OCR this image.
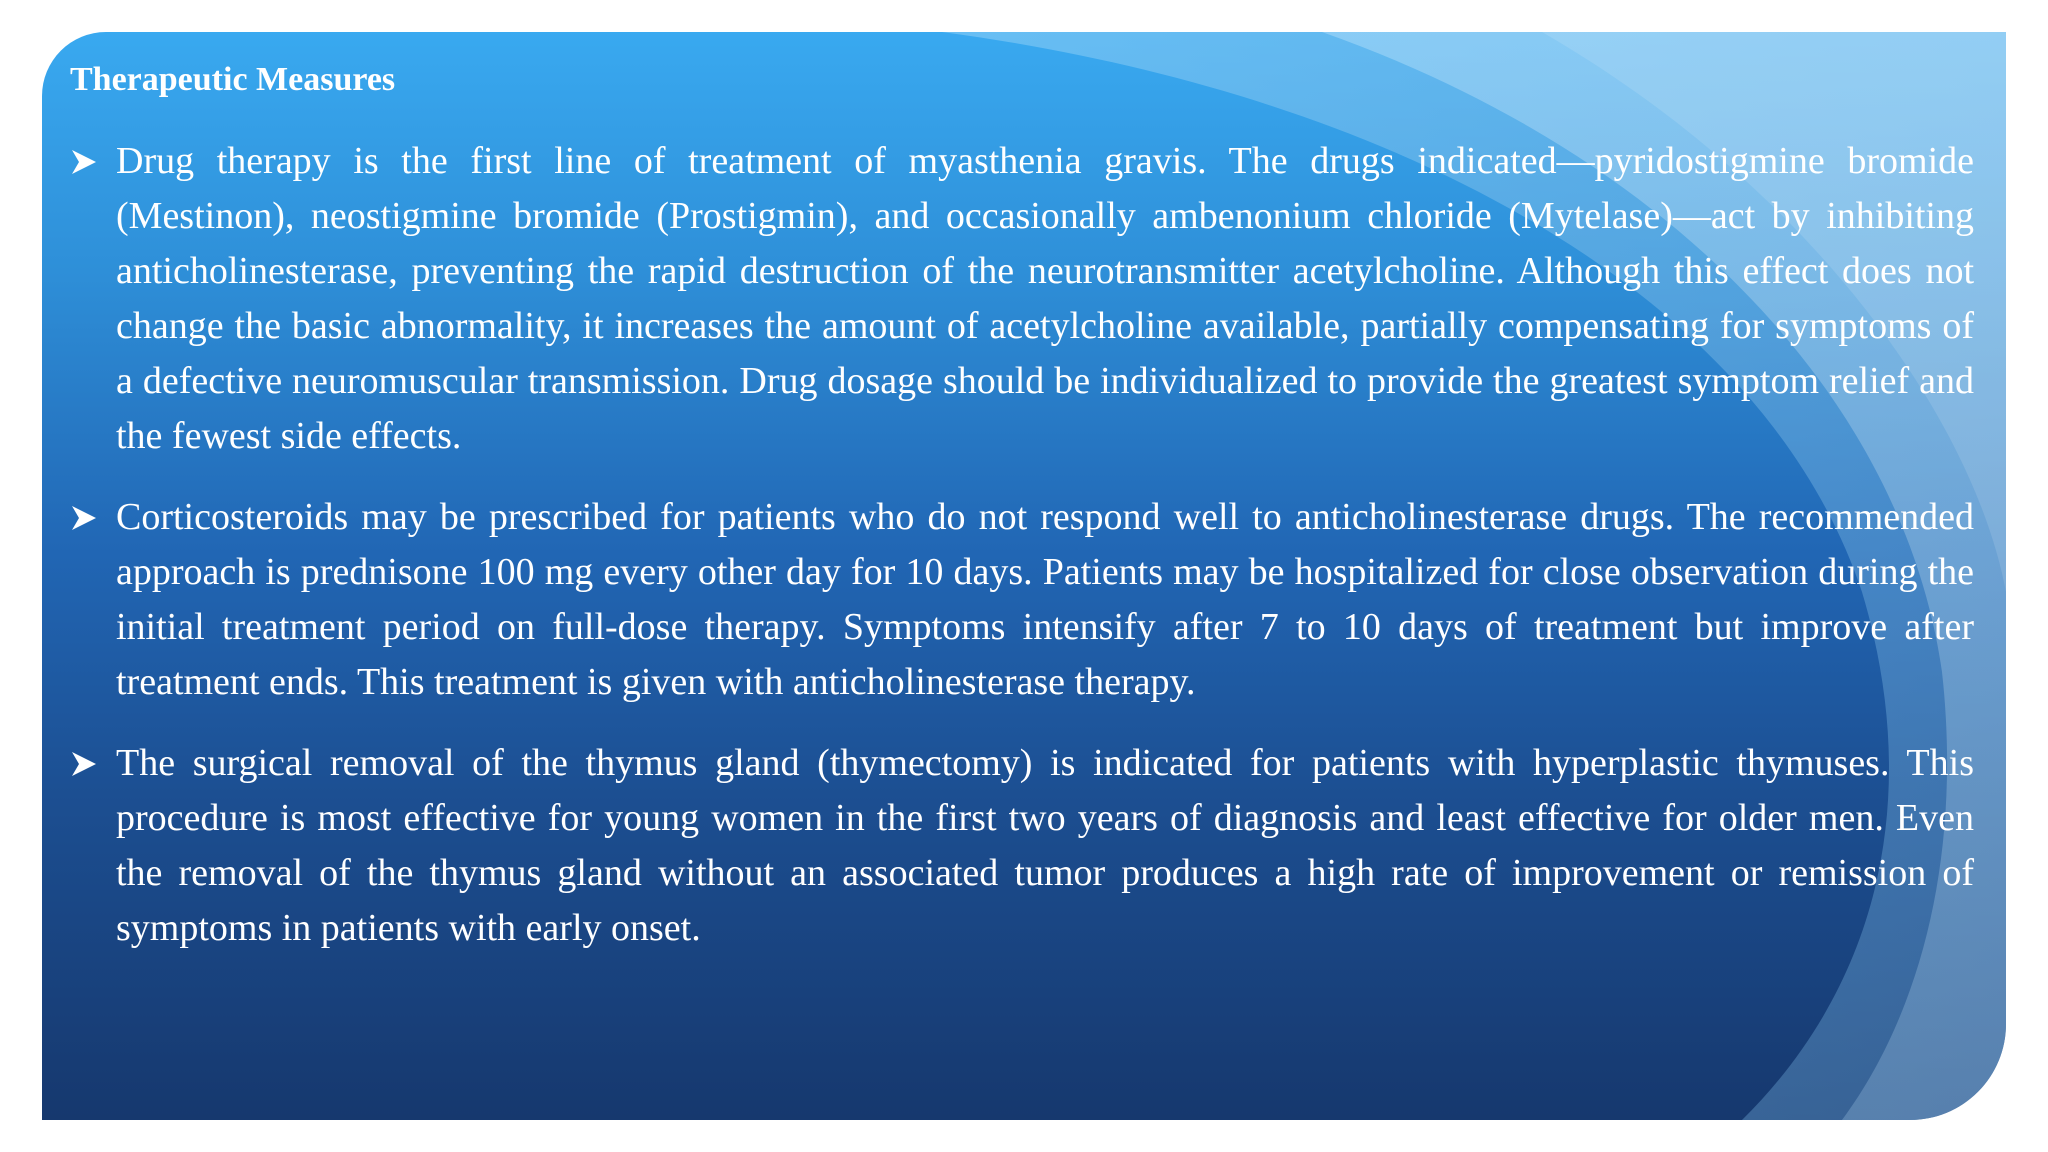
Therapeutic Measures
Drug therapy is the first line of treatment of myasthenia gravis. The drugs indicated—pyridostigmine bromide (Mestinon), neostigmine bromide (Prostigmin), and occasionally ambenonium chloride (Mytelase)—act by inhibiting anticholinesterase, preventing the rapid destruction of the neurotransmitter acetylcholine. Although this effect does not change the basic abnormality, it increases the amount of acetylcholine available, partially compensating for symptoms of a defective neuromuscular transmission. Drug dosage should be individualized to provide the greatest symptom relief and the fewest side effects.
Corticosteroids may be prescribed for patients who do not respond well to anticholinesterase drugs. The recommended approach is prednisone 100 mg every other day for 10 days. Patients may be hospitalized for close observation during the initial treatment period on full-dose therapy. Symptoms intensify after 7 to 10 days of treatment but improve after treatment ends. This treatment is given with anticholinesterase therapy.
The surgical removal of the thymus gland (thymectomy) is indicated for patients with hyperplastic thymuses. This procedure is most effective for young women in the first two years of diagnosis and least effective for older men. Even the removal of the thymus gland without an associated tumor produces a high rate of improvement or remission of symptoms in patients with early onset.
